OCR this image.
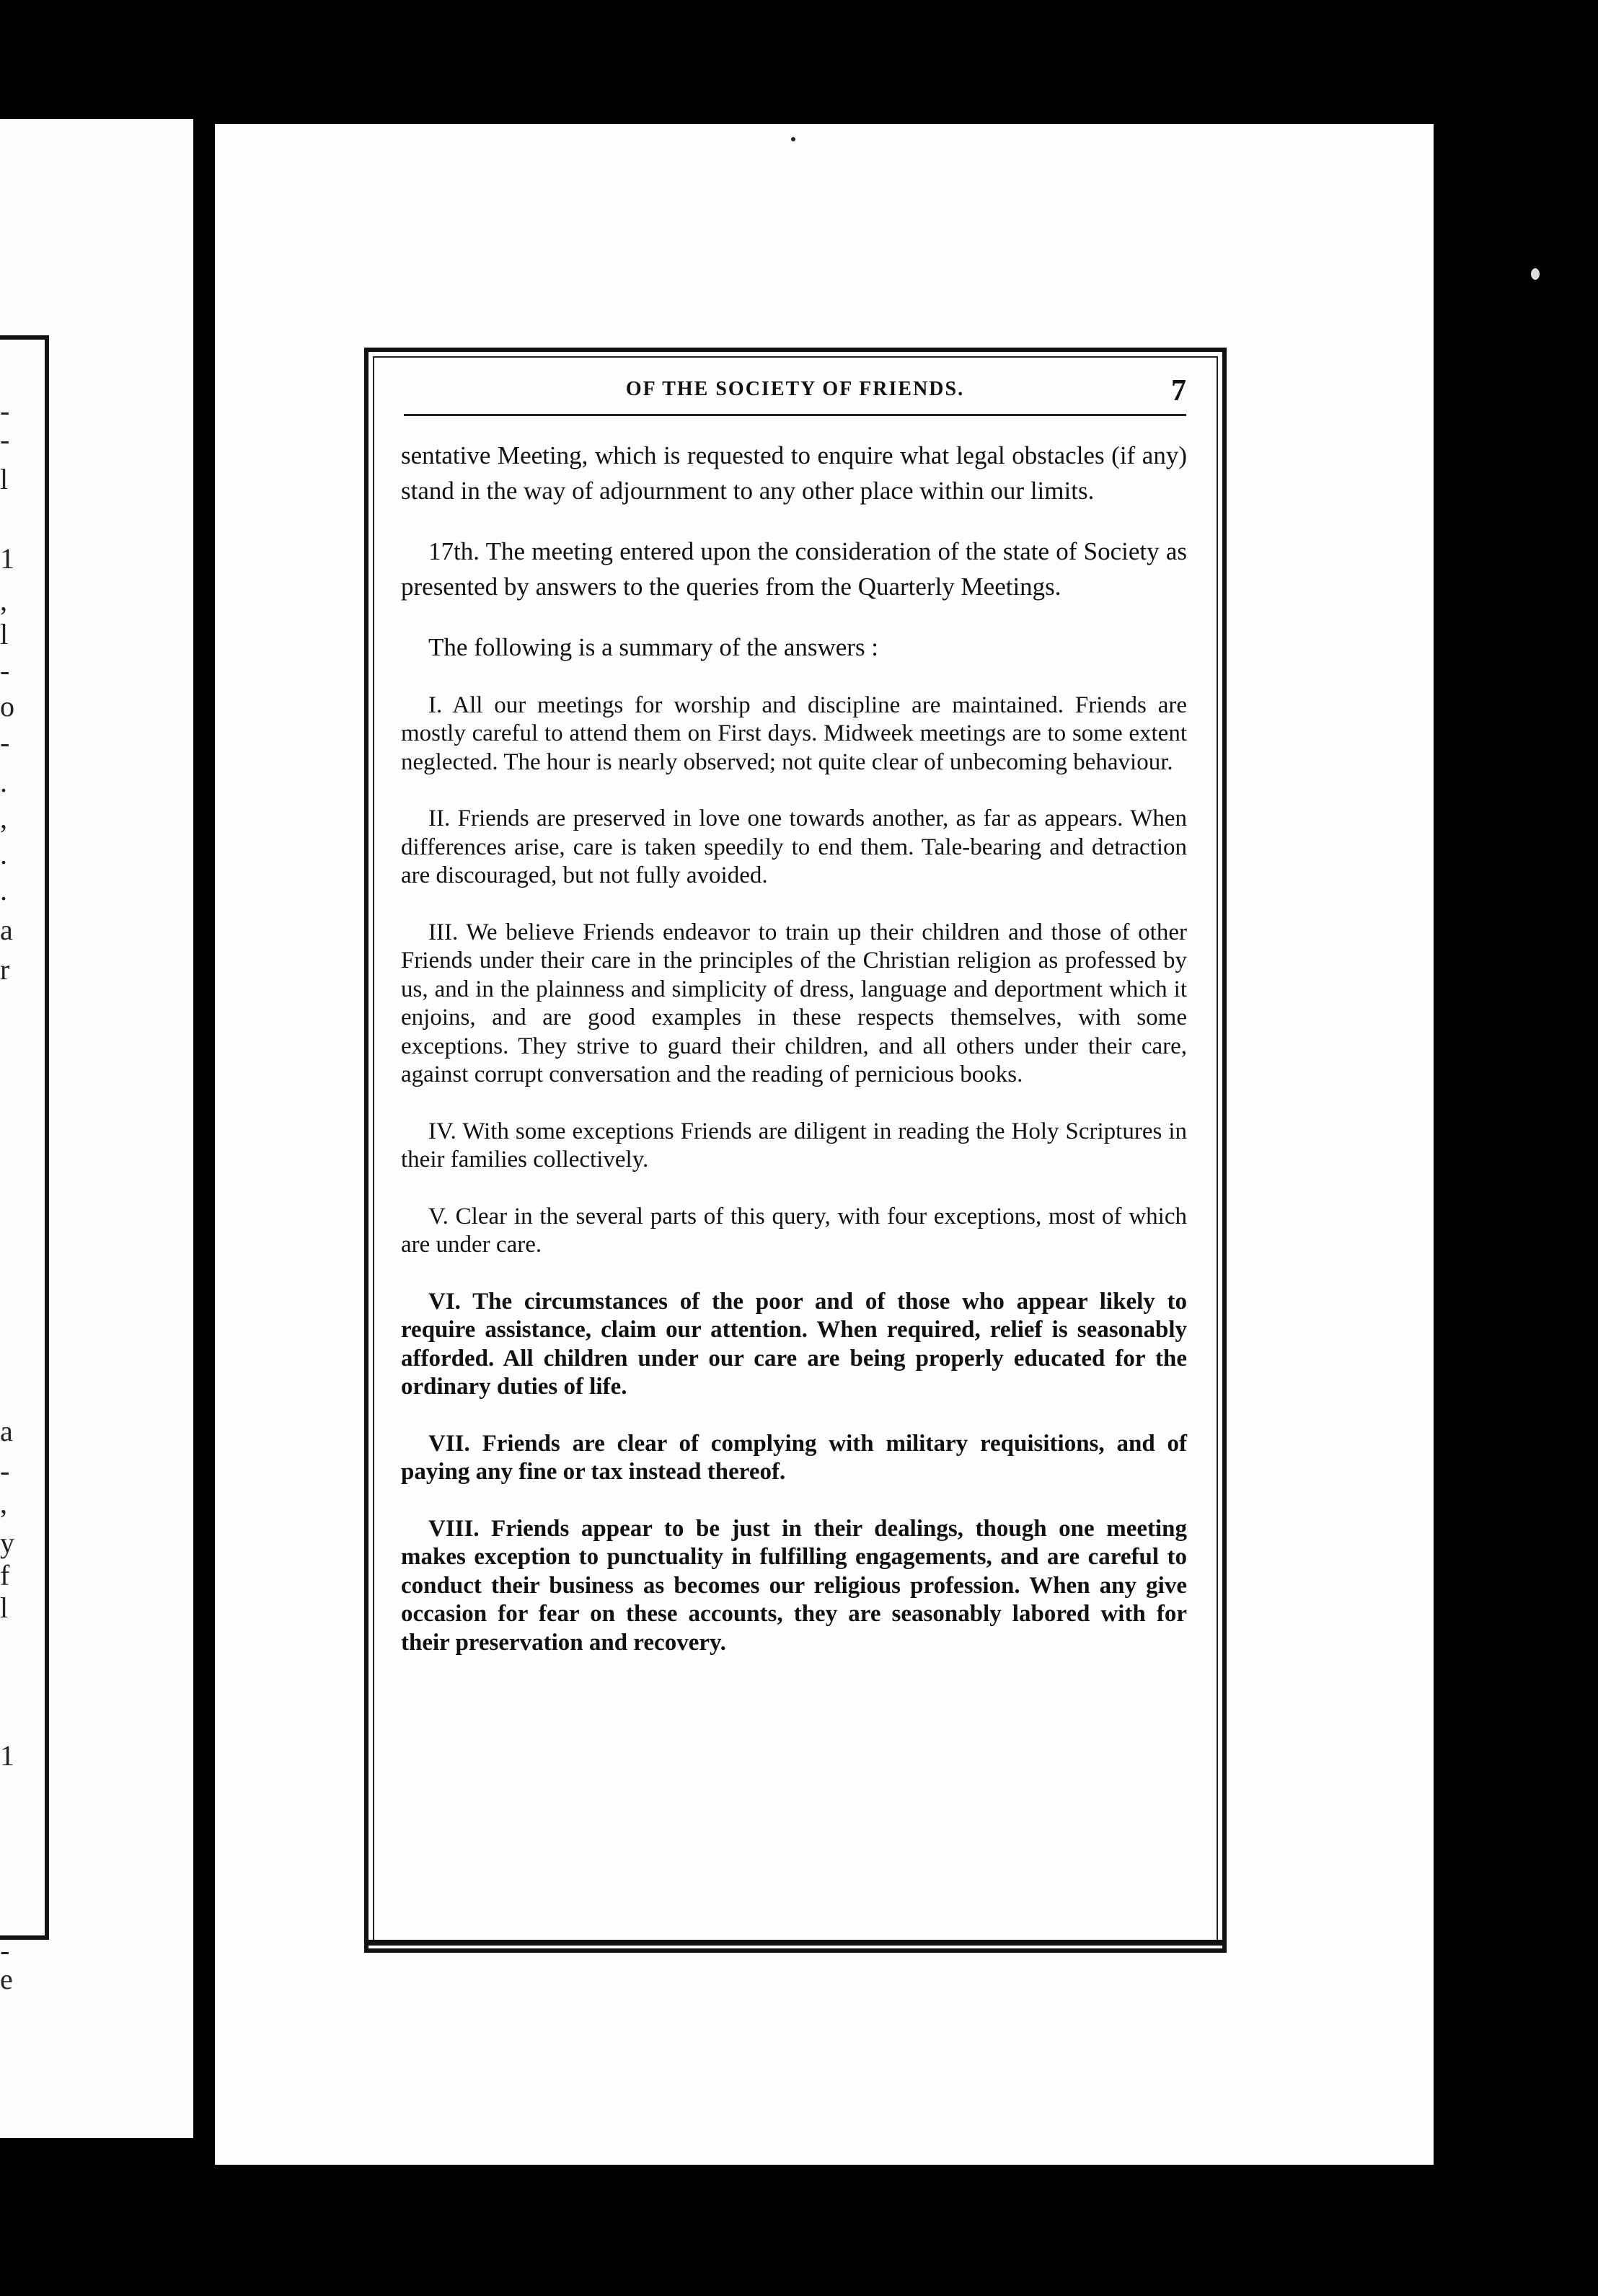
-
-
l
1
,
l
-
o
-
.
,
.
.
a
r
a
-
,
y
f
l
1
-
e
OF THE SOCIETY OF FRIENDS.	7

sentative Meeting, which is requested to enquire what legal obstacles (if any) stand in the way of adjournment to any other place within our limits.

17th. The meeting entered upon the consideration of the state of Society as presented by answers to the queries from the Quarterly Meetings.

The following is a summary of the answers :

I. All our meetings for worship and discipline are maintained. Friends are mostly careful to attend them on First days. Midweek meetings are to some extent neglected. The hour is nearly observed; not quite clear of unbecoming behaviour.

II. Friends are preserved in love one towards another, as far as appears. When differences arise, care is taken speedily to end them. Tale-bearing and detraction are discouraged, but not fully avoided.

III. We believe Friends endeavor to train up their children and those of other Friends under their care in the principles of the Christian religion as professed by us, and in the plainness and simplicity of dress, language and deportment which it enjoins, and are good examples in these respects themselves, with some exceptions. They strive to guard their children, and all others under their care, against corrupt conversation and the reading of pernicious books.

IV. With some exceptions Friends are diligent in reading the Holy Scriptures in their families collectively.

V. Clear in the several parts of this query, with four exceptions, most of which are under care.

VI. The circumstances of the poor and of those who appear likely to require assistance, claim our attention. When required, relief is seasonably afforded. All children under our care are being properly educated for the ordinary duties of life.

VII. Friends are clear of complying with military requisitions, and of paying any fine or tax instead thereof.

VIII. Friends appear to be just in their dealings, though one meeting makes exception to punctuality in fulfilling engagements, and are careful to conduct their business as becomes our religious profession. When any give occasion for fear on these accounts, they are seasonably labored with for their preservation and recovery.
